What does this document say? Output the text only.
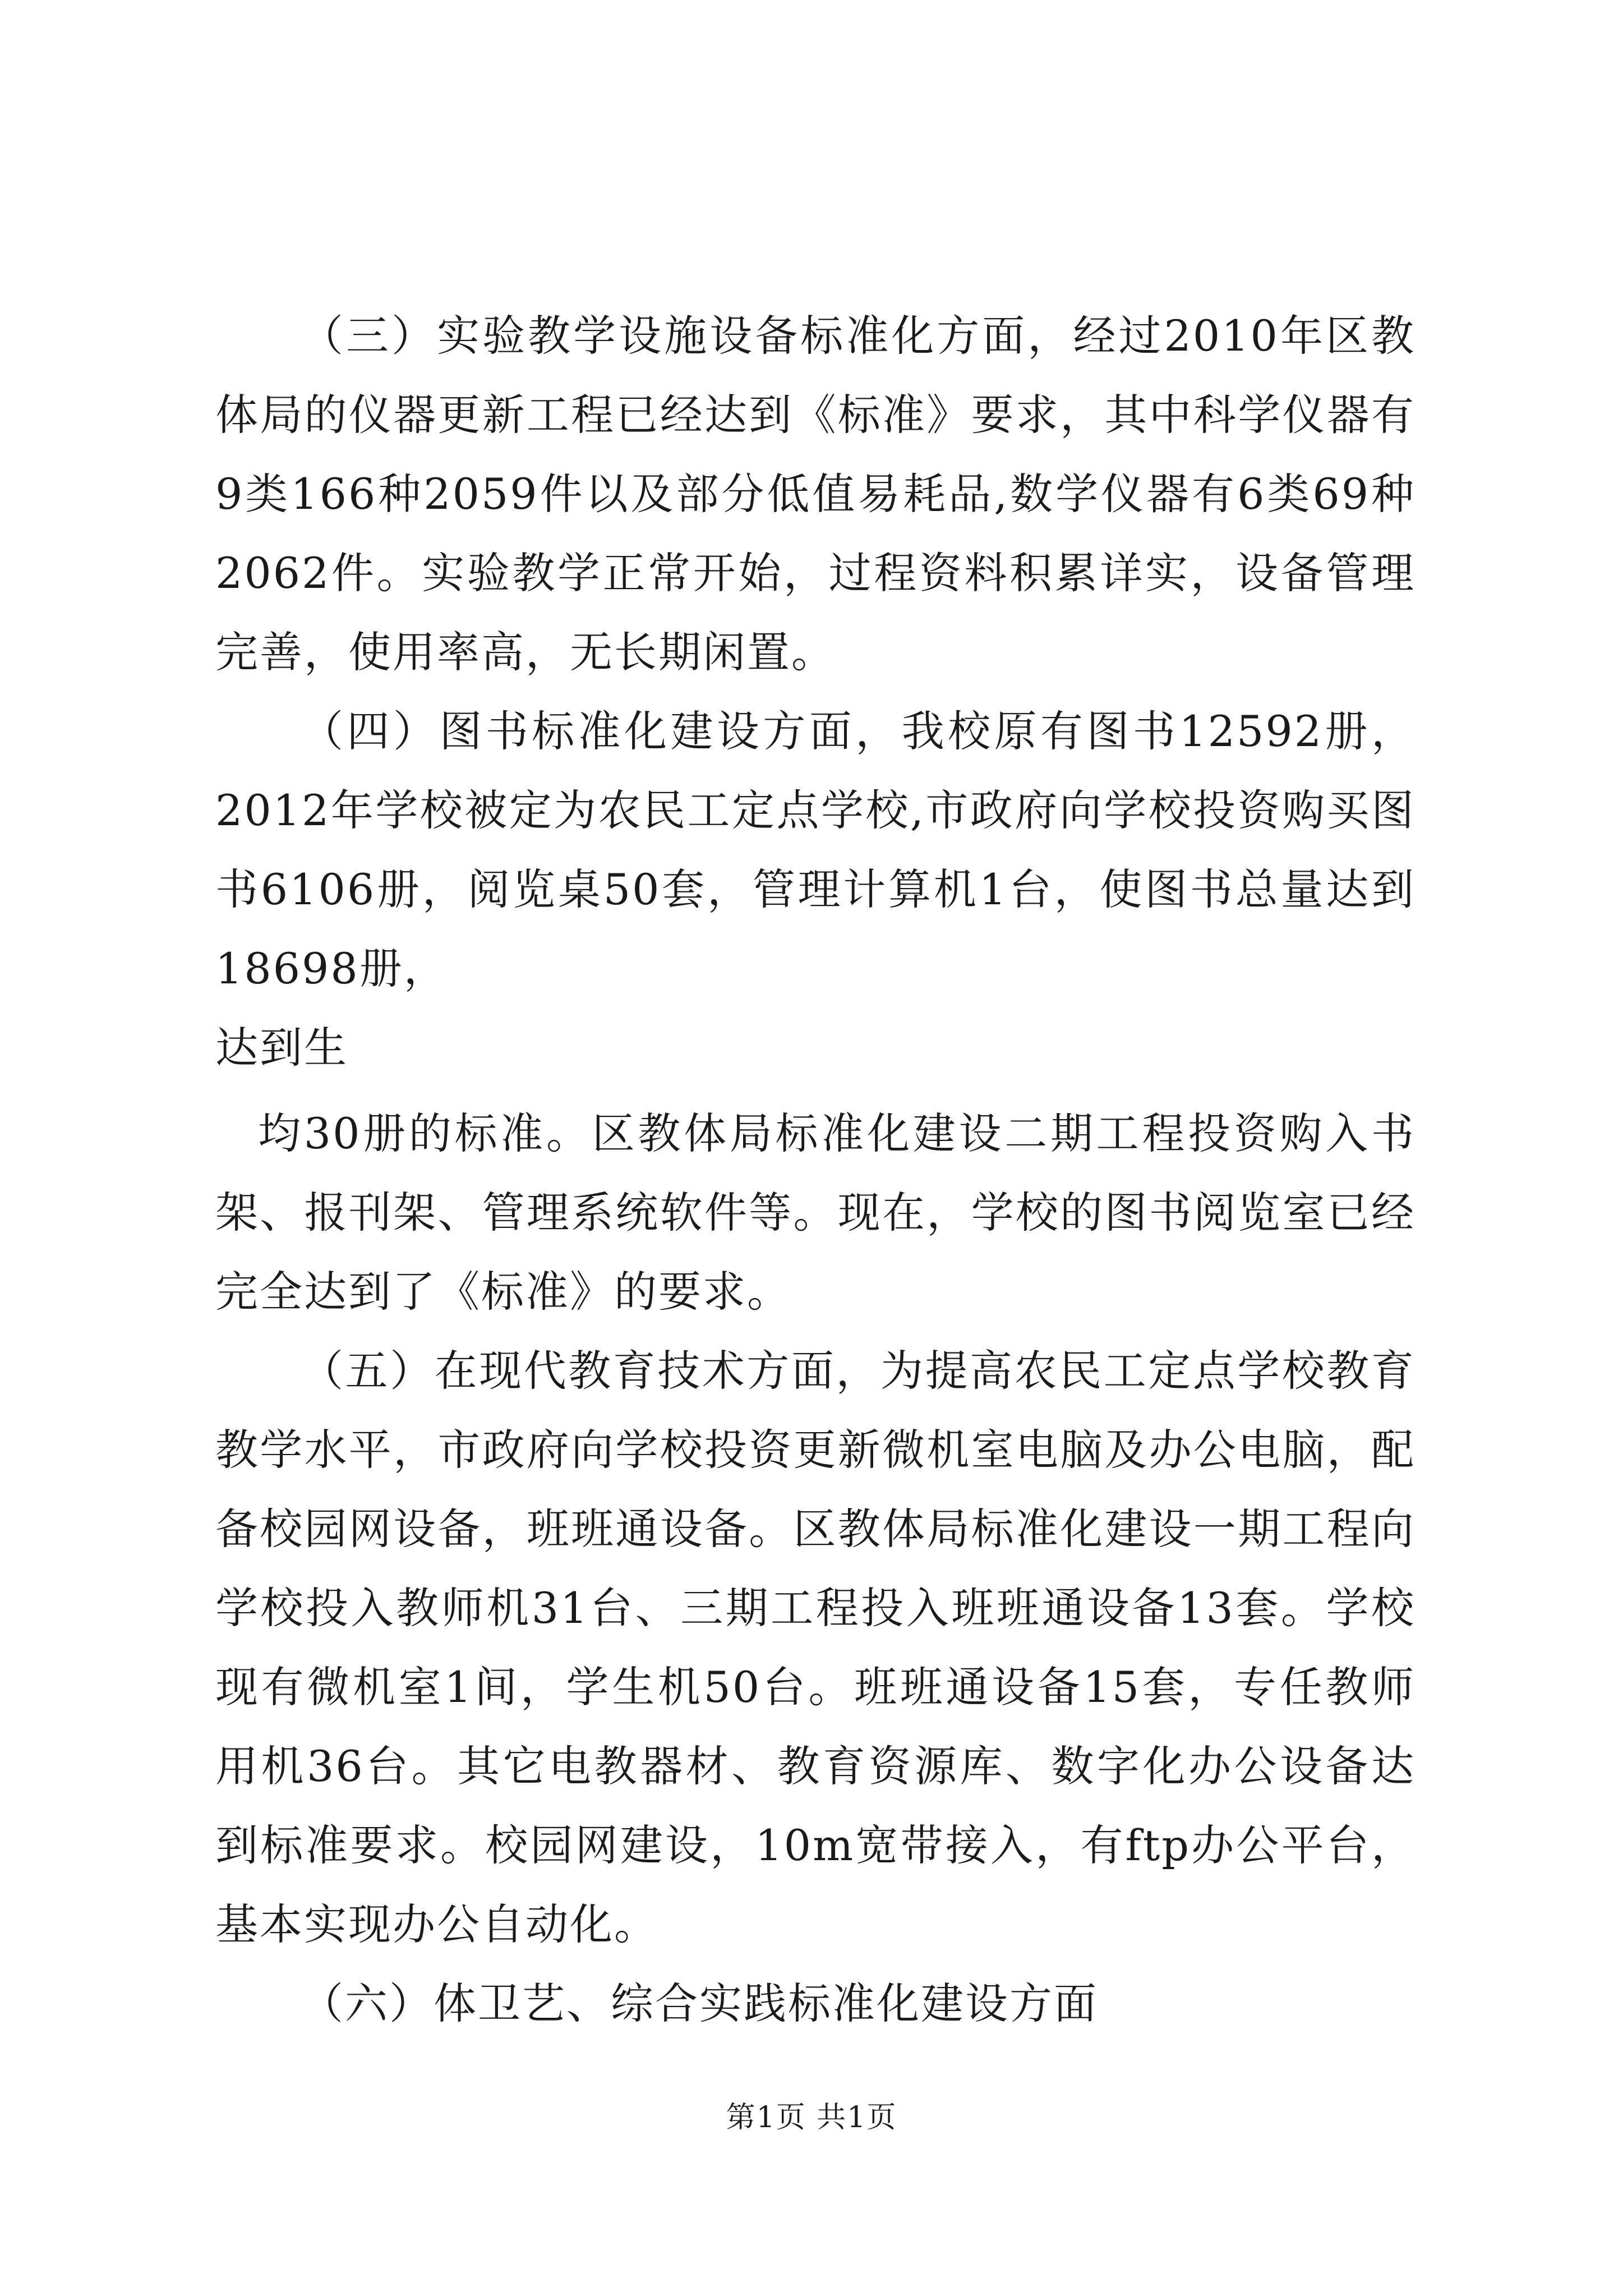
（三）实验教学设施设备标准化方面，经过2010年区教体局的仪器更新工程已经达到《标准》要求，其中科学仪器有9类166种2059件以及部分低值易耗品,数学仪器有6类69种2062件。实验教学正常开始，过程资料积累详实，设备管理完善，使用率高，无长期闲置。

（四）图书标准化建设方面，我校原有图书12592册，2012年学校被定为农民工定点学校,市政府向学校投资购买图书6106册，阅览桌50套，管理计算机1台，使图书总量达到18698册，

达到生

均30册的标准。区教体局标准化建设二期工程投资购入书架、报刊架、管理系统软件等。现在，学校的图书阅览室已经完全达到了《标准》的要求。

（五）在现代教育技术方面，为提高农民工定点学校教育教学水平，市政府向学校投资更新微机室电脑及办公电脑，配备校园网设备，班班通设备。区教体局标准化建设一期工程向学校投入教师机31台、三期工程投入班班通设备13套。学校现有微机室1间，学生机50台。班班通设备15套，专任教师用机36台。其它电教器材、教育资源库、数字化办公设备达到标准要求。校园网建设，10m宽带接入，有ftp办公平台，基本实现办公自动化。

（六）体卫艺、综合实践标准化建设方面

第1页 共1页
